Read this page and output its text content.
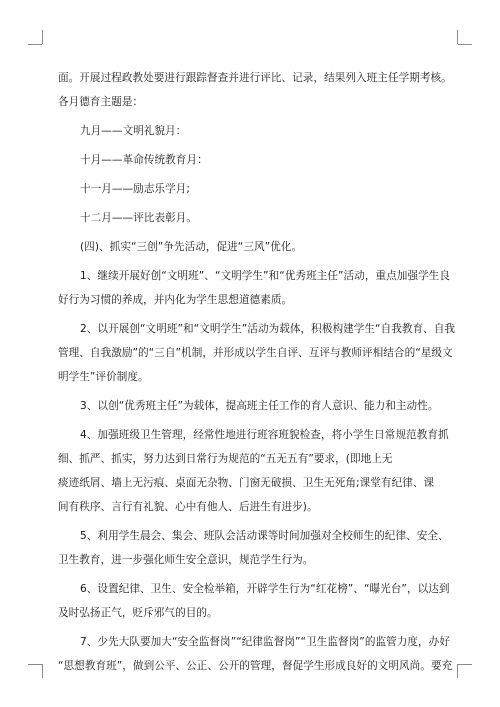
面。开展过程政教处要进行跟踪督查并进行评比、记录，结果列入班主任学期考核。
各月德育主题是：
九月——文明礼貌月：
十月——革命传统教育月：
十一月——励志乐学月;
十二月——评比表彰月。
(四)、抓实“三创”争先活动，促进“三风”优化。
1、继续开展好创“文明班”、“文明学生”和“优秀班主任”活动，重点加强学生良
好行为习惯的养成，并内化为学生思想道德素质。
2、以开展创“文明班”和“文明学生”活动为载体，积极构建学生“自我教育、自我
管理、自我激励”的“三自”机制，并形成以学生自评、互评与教师评相结合的“星级文
明学生”评价制度。
3、以创“优秀班主任”为载体，提高班主任工作的育人意识、能力和主动性。
4、加强班级卫生管理，经常性地进行班容班貌检查，将小学生日常规范教育抓
细、抓严、抓实，努力达到日常行为规范的“五无五有”要求，(即地上无
痰迹纸屑、墙上无污痕、桌面无杂物、门窗无破损、卫生无死角;课堂有纪律、课
间有秩序、言行有礼貌、心中有他人、后进生有进步)。
5、利用学生晨会、集会、班队会活动课等时间加强对全校师生的纪律、安全、
卫生教育，进一步强化师生安全意识，规范学生行为。
6、设置纪律、卫生、安全检举箱，开辟学生行为“红花榜”、“曝光台”，以达到
及时弘扬正气，贬斥邪气的目的。
7、少先大队要加大“安全监督岗”“纪律监督岗”“卫生监督岗”的监管力度，办好
“思想教育班”，做到公平、公正、公开的管理，督促学生形成良好的文明风尚。要充
